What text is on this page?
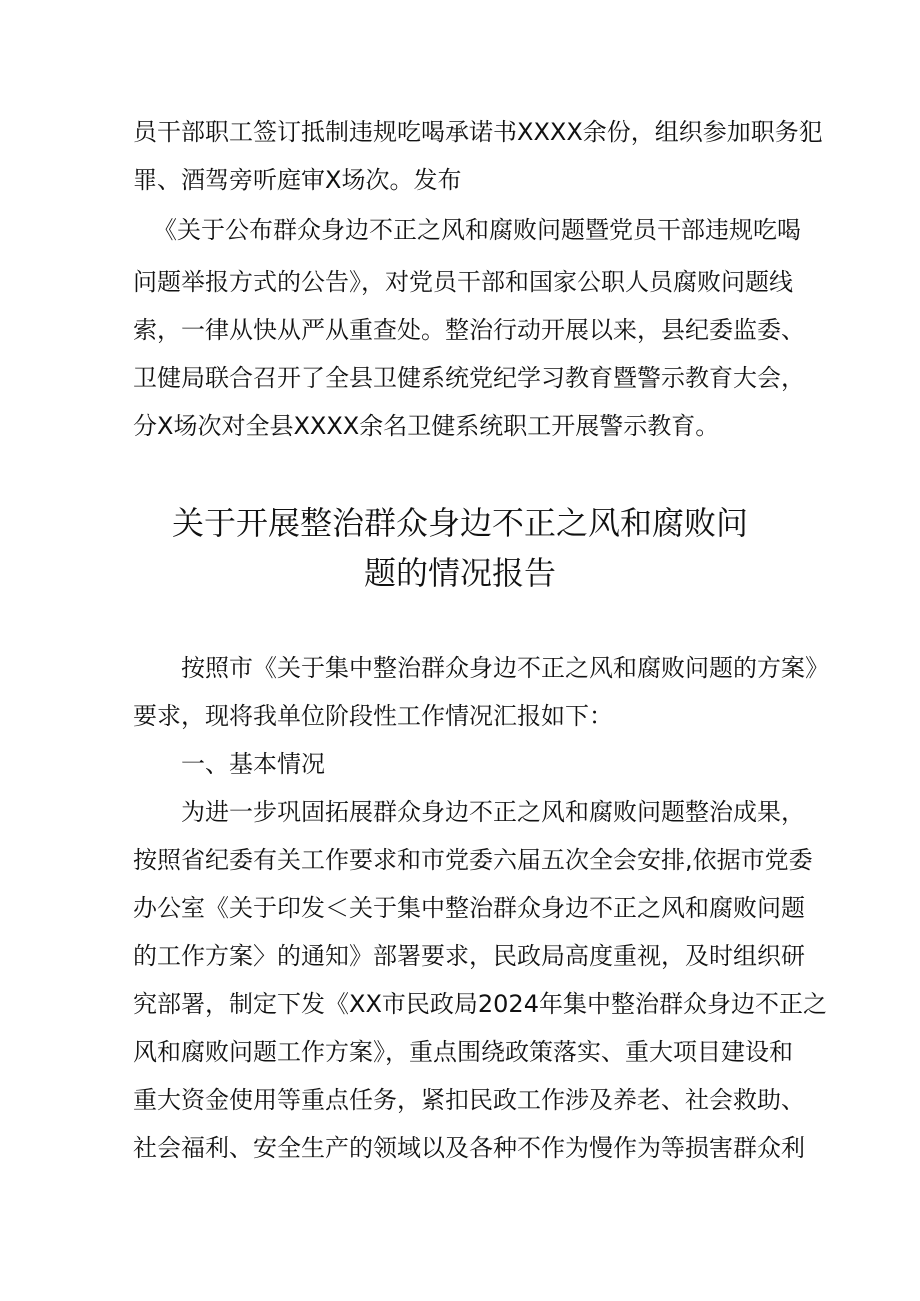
员干部职工签订抵制违规吃喝承诺书XXXX余份，组织参加职务犯
罪、酒驾旁听庭审X场次。发布
《关于公布群众身边不正之风和腐败问题暨党员干部违规吃喝
问题举报方式的公告》，对党员干部和国家公职人员腐败问题线
索，一律从快从严从重查处。整治行动开展以来，县纪委监委、
卫健局联合召开了全县卫健系统党纪学习教育暨警示教育大会，
分X场次对全县XXXX余名卫健系统职工开展警示教育。
关于开展整治群众身边不正之风和腐败问
题的情况报告
按照市《关于集中整治群众身边不正之风和腐败问题的方案》
要求，现将我单位阶段性工作情况汇报如下：
一、基本情况
为进一步巩固拓展群众身边不正之风和腐败问题整治成果，
按照省纪委有关工作要求和市党委六届五次全会安排,依据市党委
办公室《关于印发＜关于集中整治群众身边不正之风和腐败问题
的工作方案〉的通知》部署要求，民政局高度重视，及时组织研
究部署，制定下发《XX市民政局2024年集中整治群众身边不正之
风和腐败问题工作方案》，重点围绕政策落实、重大项目建设和
重大资金使用等重点任务，紧扣民政工作涉及养老、社会救助、
社会福利、安全生产的领域以及各种不作为慢作为等损害群众利
